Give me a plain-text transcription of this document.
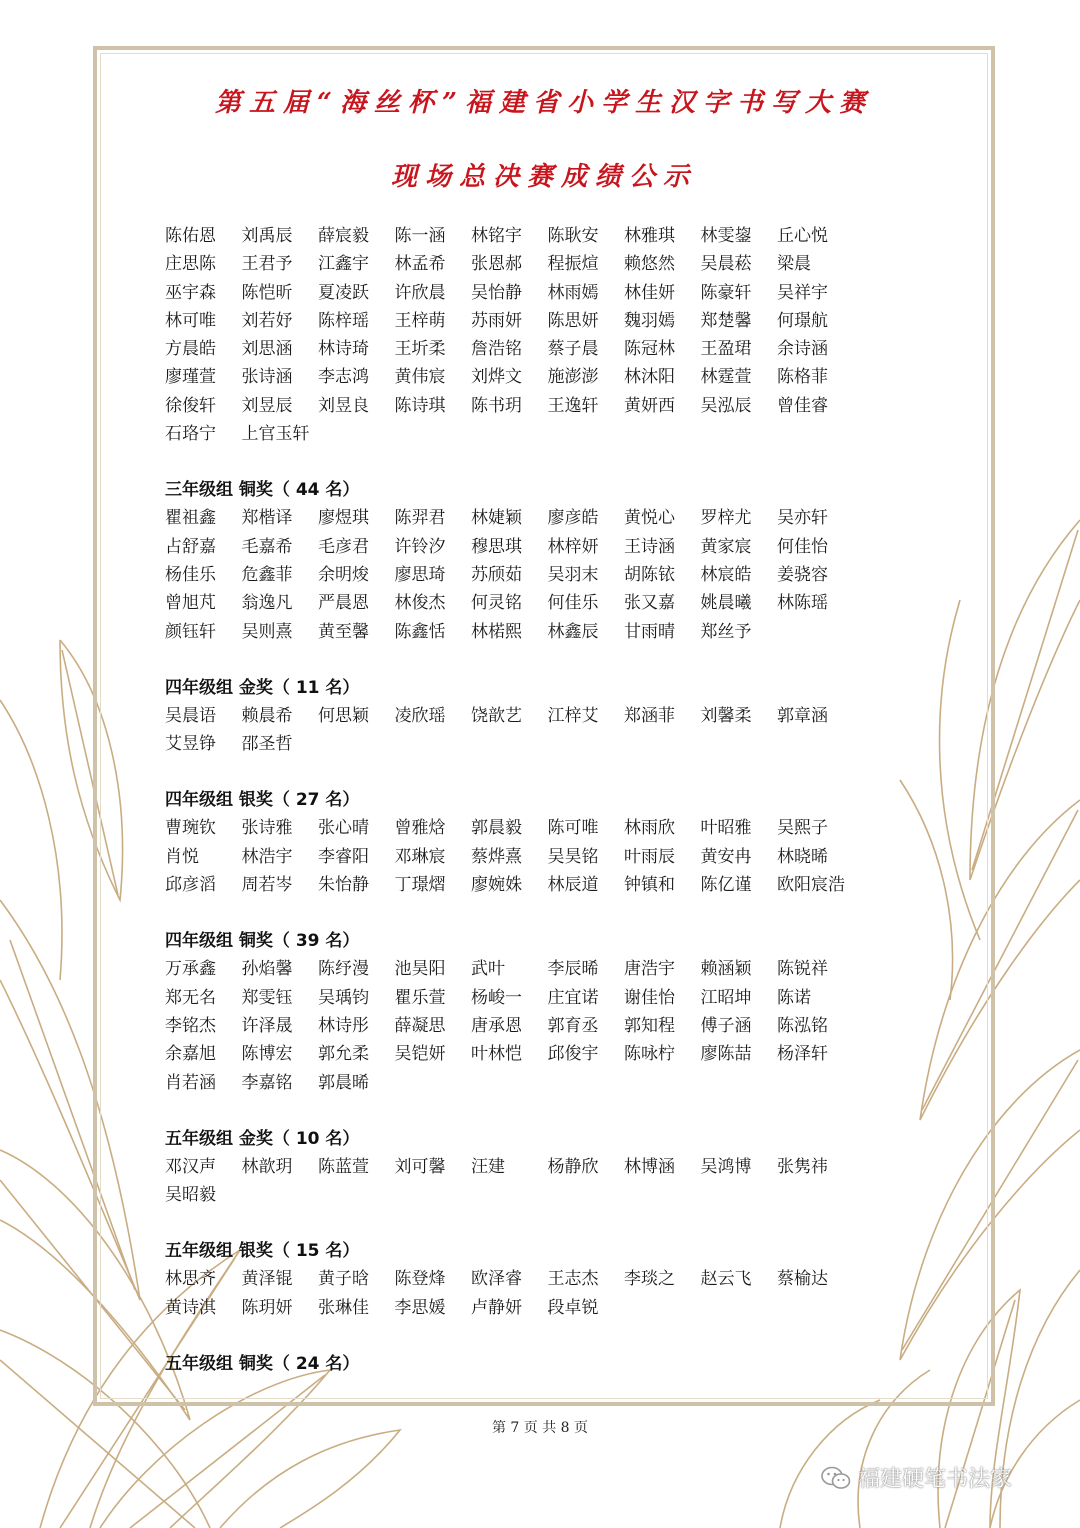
第五届“海丝杯”福建省小学生汉字书写大赛
现场总决赛成绩公示
陈佑恩	刘禹辰	薛宸毅	陈一涵	林铭宇	陈耿安	林雅琪	林雯鋆	丘心悦
庄思陈	王君予	江鑫宇	林孟希	张恩郝	程振煊	赖悠然	吴晨菘	梁晨
巫宇森	陈恺昕	夏凌跃	许欣晨	吴怡静	林雨嫣	林佳妍	陈豪轩	吴祥宇
林可唯	刘若妤	陈梓瑶	王梓萌	苏雨妍	陈思妍	魏羽嫣	郑楚馨	何璟航
方晨皓	刘思涵	林诗琦	王圻柔	詹浩铭	蔡子晨	陈冠林	王盈珺	余诗涵
廖瑾萱	张诗涵	李志鸿	黄伟宸	刘烨文	施澎澎	林沐阳	林霆萱	陈格菲
徐俊轩	刘昱辰	刘昱良	陈诗琪	陈书玥	王逸轩	黄妍西	吴泓辰	曾佳睿
石珞宁	上官玉轩
三年级组 铜奖（ 44 名）
瞿祖鑫	郑楷译	廖煜琪	陈羿君	林婕颖	廖彦皓	黄悦心	罗梓尤	吴亦轩
占舒嘉	毛嘉希	毛彦君	许铃汐	穆思琪	林梓妍	王诗涵	黄家宸	何佳怡
杨佳乐	危鑫菲	余明焌	廖思琦	苏颀茹	吴羽末	胡陈铱	林宸皓	姜骁容
曾旭芃	翁逸凡	严晨恩	林俊杰	何灵铭	何佳乐	张又嘉	姚晨曦	林陈瑶
颜钰轩	吴则熹	黄至馨	陈鑫恬	林楉熙	林鑫辰	甘雨晴	郑丝予
四年级组 金奖（ 11 名）
吴晨语	赖晨希	何思颖	凌欣瑶	饶歆艺	江梓艾	郑涵菲	刘馨柔	郭章涵
艾昱铮	邵圣哲
四年级组 银奖（ 27 名）
曹琬钦	张诗雅	张心晴	曾雅焓	郭晨毅	陈可唯	林雨欣	叶昭雅	吴熙子
肖悦	林浩宇	李睿阳	邓琳宸	蔡烨熹	吴昊铭	叶雨辰	黄安冉	林晓晞
邱彦滔	周若岑	朱怡静	丁璟熠	廖婉姝	林辰道	钟镇和	陈亿谨	欧阳宸浩
四年级组 铜奖（ 39 名）
万承鑫	孙焰馨	陈纾漫	池昊阳	武叶	李辰晞	唐浩宇	赖涵颖	陈锐祥
郑无名	郑雯钰	吴瑀钧	瞿乐萱	杨峻一	庄宜诺	谢佳怡	江昭坤	陈诺
李铭杰	许泽晟	林诗彤	薛凝思	唐承恩	郭育丞	郭知程	傅子涵	陈泓铭
余嘉旭	陈博宏	郭允柔	吴铠妍	叶林恺	邱俊宇	陈咏柠	廖陈喆	杨泽轩
肖若涵	李嘉铭	郭晨晞
五年级组 金奖（ 10 名）
邓汉声	林歆玥	陈蓝萱	刘可馨	汪建	杨静欣	林博涵	吴鸿博	张隽祎
吴昭毅
五年级组 银奖（ 15 名）
林思齐	黄泽锟	黄子晗	陈登烽	欧泽睿	王志杰	李琰之	赵云飞	蔡榆达
黄诗淇	陈玥妍	张琳佳	李思媛	卢静妍	段卓锐
五年级组 铜奖（ 24 名）
第 7 页 共 8 页
福建硬笔书法家
